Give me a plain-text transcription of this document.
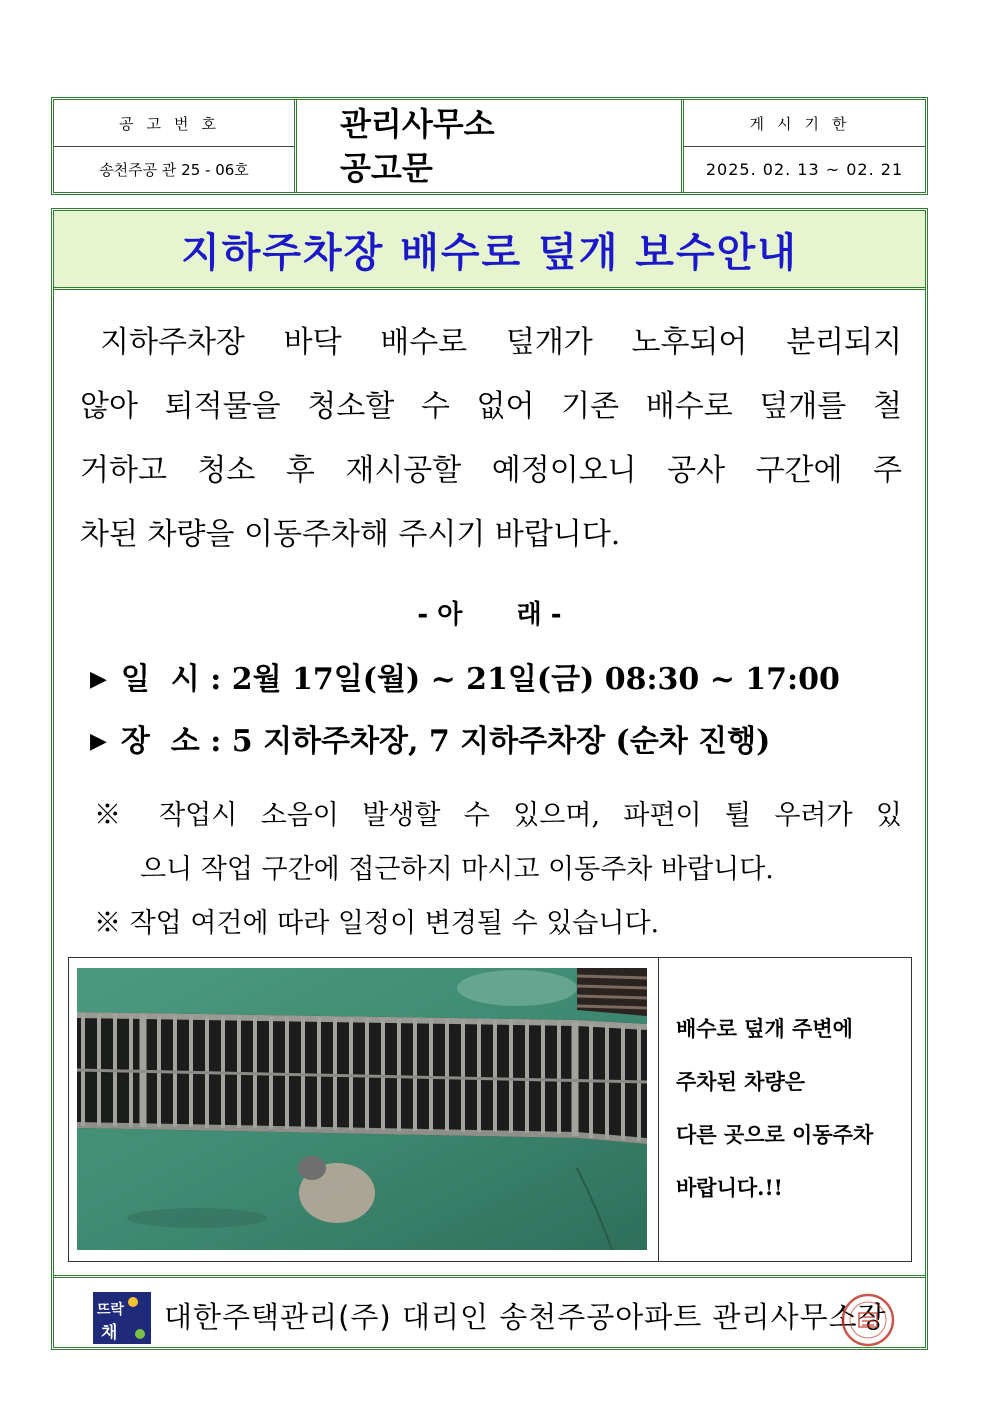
공고번호
송천주공 관 25 - 06호
관리사무소
공고문
게시기한
2025. 02. 13 ~ 02. 21
지하주차장 배수로 덮개 보수안내
지하주차장 바닥 배수로 덮개가 노후되어 분리되지
않아 퇴적물을 청소할 수 없어 기존 배수로 덮개를 철
거하고 청소 후 재시공할 예정이오니 공사 구간에 주
차된 차량을 이동주차해 주시기 바랍니다.
- 아      래 -
▶ 일  시 : 2월 17일(월) ~ 21일(금) 08:30 ~ 17:00
▶ 장  소 : 5 지하주차장, 7 지하주차장 (순차 진행)
※ 작업시 소음이 발생할 수 있으며, 파편이 튈 우려가 있
으니 작업 구간에 접근하지 마시고 이동주차 바랍니다.
※ 작업 여건에 따라 일정이 변경될 수 있습니다.
배수로 덮개 주변에
주차된 차량은
다른 곳으로 이동주차
바랍니다.!!
뜨락
채 대한주택관리(주) 대리인 송천주공아파트 관리사무소장
